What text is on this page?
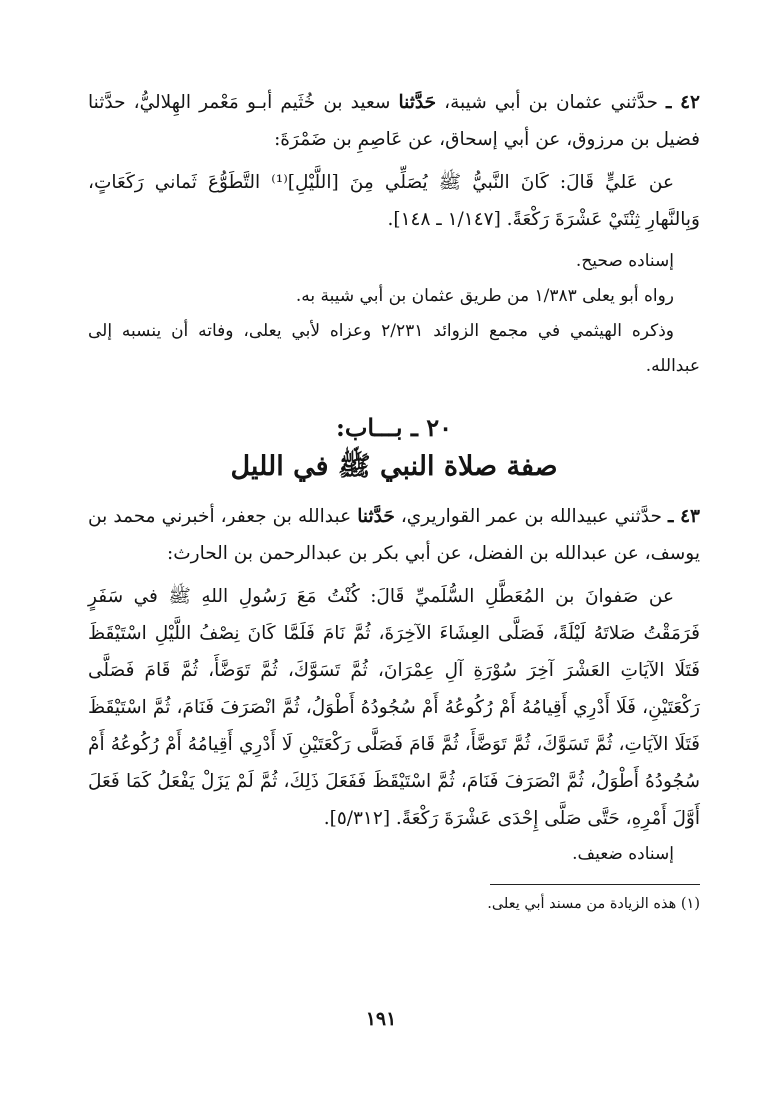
٤٢ ـ حدَّثني عثمان بن أبي شيبة، حَدَّثنا سعيد بن خُثَيم أبـو مَعْمر الهِلاليُّ، حدَّثنا فضيل بن مرزوق، عن أبي إسحاق، عن عَاصِمِ بن ضَمْرَةَ:

عن عَليٍّ قَالَ: كَانَ النَّبيُّ ﷺ يُصَلِّي مِنَ [اللَّيْلِ]⁽¹⁾ التَّطَوُّعَ ثَماني رَكَعَاتٍ، وَبِالنَّهارِ ثِنْتَيْ عَشْرَةَ رَكْعَةً. [١/١٤٧ ـ ١٤٨].

إسناده صحيح.

رواه أبو يعلى ١/٣٨٣ من طريق عثمان بن أبي شيبة به.

وذكره الهيثمي في مجمع الزوائد ٢/٢٣١ وعزاه لأبي يعلى، وفاته أن ينسبه إلى عبدالله.

٢٠ ـ بـــاب:
صفة صلاة النبي ﷺ في الليل

٤٣ ـ حدَّثني عبيدالله بن عمر القواريري، حَدَّثنا عبدالله بن جعفر، أخبرني محمد بن يوسف، عن عبدالله بن الفضل، عن أبي بكر بن عبدالرحمن بن الحارث:

عن صَفوانَ بن المُعَطَّلِ السُّلَميِّ قَالَ: كُنْتُ مَعَ رَسُولِ اللهِ ﷺ في سَفَرٍ فَرَمَقْتُ صَلاتَهُ لَيْلَةً، فَصَلَّى العِشَاءَ الآخِرَةَ، ثُمَّ نَامَ فَلَمَّا كَانَ نِصْفُ اللَّيْلِ اسْتَيْقَظَ فَتَلَا الآيَاتِ العَشْرَ آخِرَ سُوْرَةِ آلِ عِمْرَانَ، ثُمَّ تَسَوَّكَ، ثُمَّ تَوَضَّأَ، ثُمَّ قَامَ فَصَلَّى رَكْعَتَيْنِ، فَلَا أَدْرِي أَقِيامُهُ أَمْ رُكُوعُهُ أَمْ سُجُودُهُ أَطْوَلُ، ثُمَّ انْصَرَفَ فَنَامَ، ثُمَّ اسْتَيْقَظَ فَتَلَا الآيَاتِ، ثُمَّ تَسَوَّكَ، ثُمَّ تَوَضَّأَ، ثُمَّ قَامَ فَصَلَّى رَكْعَتَيْنِ لَا أَدْرِي أَقِيامُهُ أَمْ رُكُوعُهُ أَمْ سُجُودُهُ أَطْوَلُ، ثُمَّ انْصَرَفَ فَنَامَ، ثُمَّ اسْتَيْقَظَ فَفَعَلَ ذَلِكَ، ثُمَّ لَمْ يَزَلْ يَفْعَلُ كَمَا فَعَلَ أَوَّلَ أَمْرِهِ، حَتَّى صَلَّى إِحْدَى عَشْرَةَ رَكْعَةً. [٥/٣١٢].

إسناده ضعيف.

(١) هذه الزيادة من مسند أبي يعلى.

١٩١
